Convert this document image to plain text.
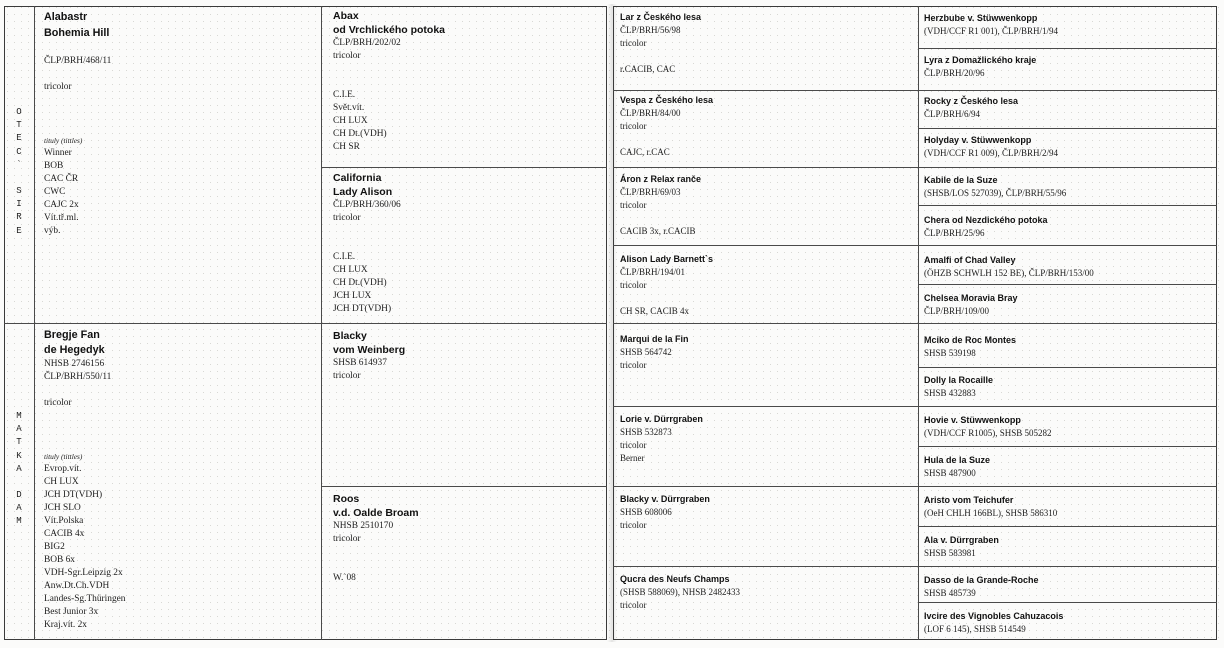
O
T
E
C
`
S
I
R
E
M
A
T
K
A
D
A
M
Alabastr
Bohemia Hill
ČLP/BRH/468/11
tricolor
tituly (tittles)
Winner
BOB
CAC ČR
CWC
CAJC 2x
Vít.tř.ml.
výb.
Bregje Fan
de Hegedyk
NHSB 2746156
ČLP/BRH/550/11
tricolor
tituly (tittles)
Evrop.vít.
CH LUX
JCH DT(VDH)
JCH SLO
Vít.Polska
CACIB 4x
BIG2
BOB 6x
VDH-Sgr.Leipzig 2x
Anw.Dt.Ch.VDH
Landes-Sg.Thüringen
Best Junior 3x
Kraj.vít. 2x
Abax
od Vrchlického potoka
ČLP/BRH/202/02
tricolor
C.I.E.
Svět.vít.
CH LUX
CH Dt.(VDH)
CH SR
California
Lady Alison
ČLP/BRH/360/06
tricolor
C.I.E.
CH LUX
CH Dt.(VDH)
JCH LUX
JCH DT(VDH)
Blacky
vom Weinberg
SHSB 614937
tricolor
Roos
v.d. Oalde Broam
NHSB 2510170
tricolor
W.`08
Lar z Českého lesa
ČLP/BRH/56/98
tricolor
r.CACIB, CAC
Vespa z Českého lesa
ČLP/BRH/84/00
tricolor
CAJC, r.CAC
Áron z Relax ranče
ČLP/BRH/69/03
tricolor
CACIB 3x, r.CACIB
Alison Lady Barnett`s
ČLP/BRH/194/01
tricolor
CH SR, CACIB 4x
Marqui de la Fin
SHSB 564742
tricolor
Lorie v. Dürrgraben
SHSB 532873
tricolor
Berner
Blacky v. Dürrgraben
SHSB 608006
tricolor
Qucra des Neufs Champs
(SHSB 588069), NHSB 2482433
tricolor
Herzbube v. Stüwwenkopp
(VDH/CCF R1 001), ČLP/BRH/1/94
Lyra z Domažlického kraje
ČLP/BRH/20/96
Rocky z Českého lesa
ČLP/BRH/6/94
Holyday v. Stüwwenkopp
(VDH/CCF R1 009), ČLP/BRH/2/94
Kabile de la Suze
(SHSB/LOS 527039), ČLP/BRH/55/96
Chera od Nezdického potoka
ČLP/BRH/25/96
Amalfi of Chad Valley
(ÖHZB SCHWLH 152 BE), ČLP/BRH/153/00
Chelsea Moravia Bray
ČLP/BRH/109/00
Mciko de Roc Montes
SHSB 539198
Dolly la Rocaille
SHSB 432883
Hovie v. Stüwwenkopp
(VDH/CCF R1005), SHSB 505282
Hula de la Suze
SHSB 487900
Aristo vom Teichufer
(OeH CHLH 166BL), SHSB 586310
Ala v. Dürrgraben
SHSB 583981
Dasso de la Grande-Roche
SHSB 485739
Ivcire des Vignobles Cahuzacois
(LOF 6 145), SHSB 514549
